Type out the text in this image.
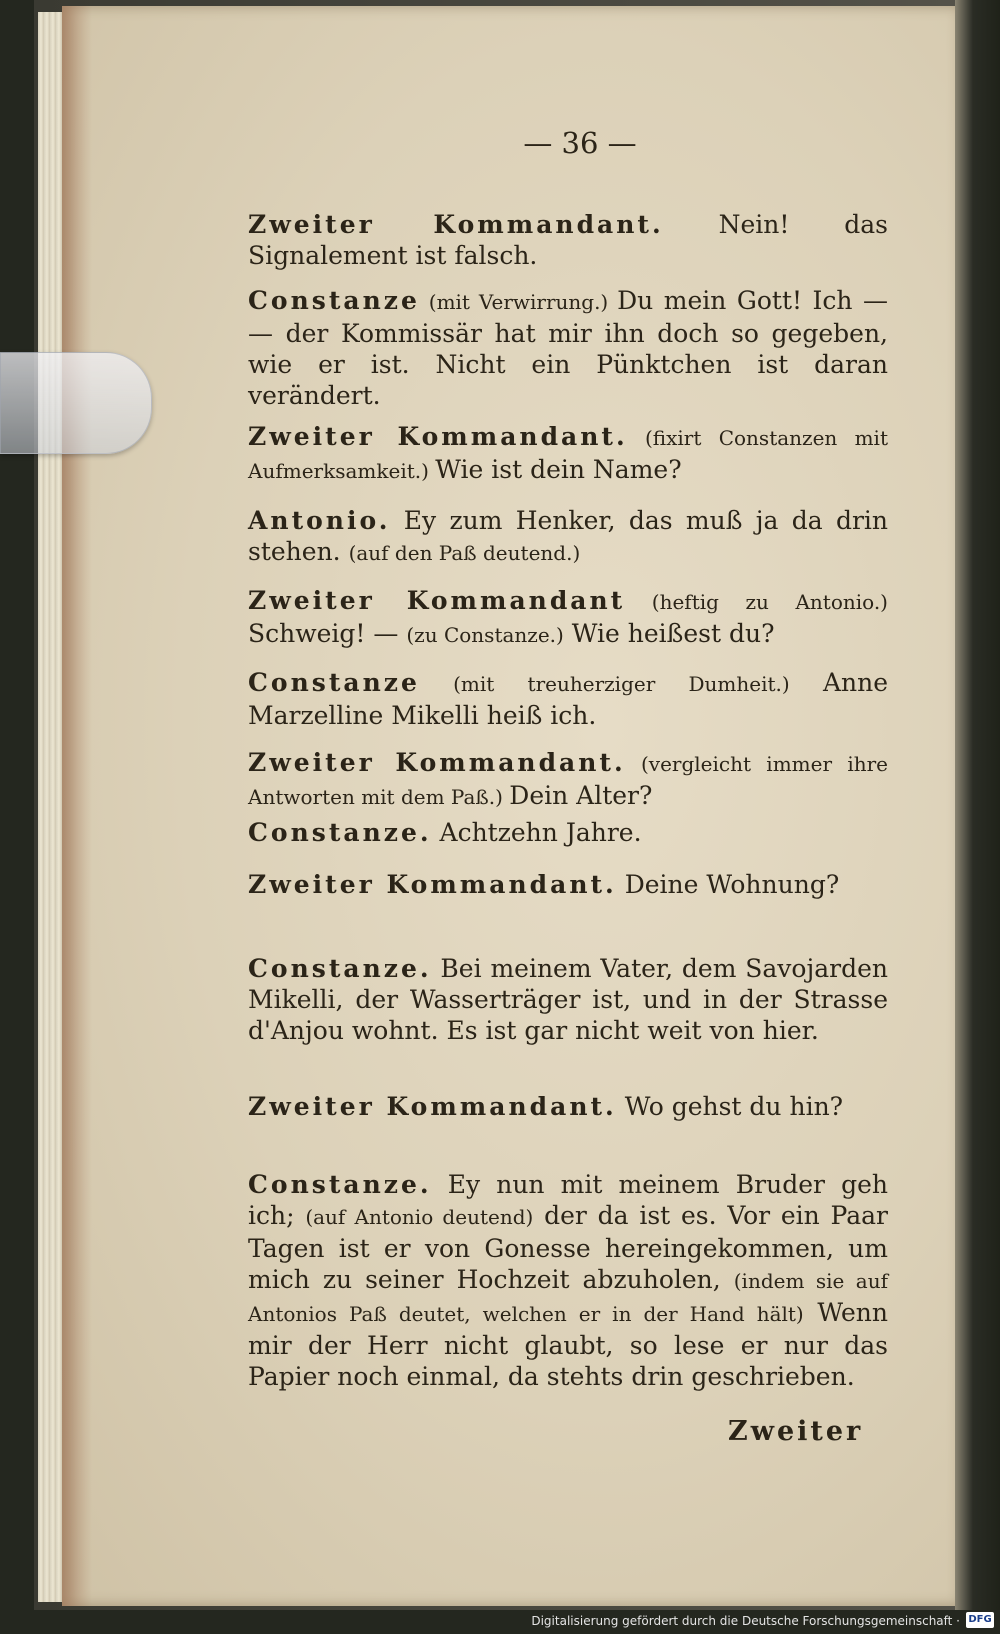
— 36 —

Zweiter Kommandant. Nein! das Signalement ist falsch.

Constanze (mit Verwirrung.) Du mein Gott! Ich — — der Kommissär hat mir ihn doch so gegeben, wie er ist. Nicht ein Pünktchen ist daran verändert.

Zweiter Kommandant. (fixirt Constanzen mit Aufmerksamkeit.) Wie ist dein Name?

Antonio. Ey zum Henker, das muß ja da drin stehen. (auf den Paß deutend.)

Zweiter Kommandant (heftig zu Antonio.) Schweig! — (zu Constanze.) Wie heißest du?

Constanze (mit treuherziger Dumheit.) Anne Marzelline Mikelli heiß ich.

Zweiter Kommandant. (vergleicht immer ihre Antworten mit dem Paß.) Dein Alter?

Constanze. Achtzehn Jahre.

Zweiter Kommandant. Deine Wohnung?

Constanze. Bei meinem Vater, dem Savojarden Mikelli, der Wasserträger ist, und in der Strasse d'Anjou wohnt. Es ist gar nicht weit von hier.

Zweiter Kommandant. Wo gehst du hin?

Constanze. Ey nun mit meinem Bruder geh ich; (auf Antonio deutend) der da ist es. Vor ein Paar Tagen ist er von Gonesse hereingekommen, um mich zu seiner Hochzeit abzuholen, (indem sie auf Antonios Paß deutet, welchen er in der Hand hält) Wenn mir der Herr nicht glaubt, so lese er nur das Papier noch einmal, da stehts drin geschrieben.

Zweiter
Digitalisierung gefördert durch die Deutsche Forschungsgemeinschaft · DFG
